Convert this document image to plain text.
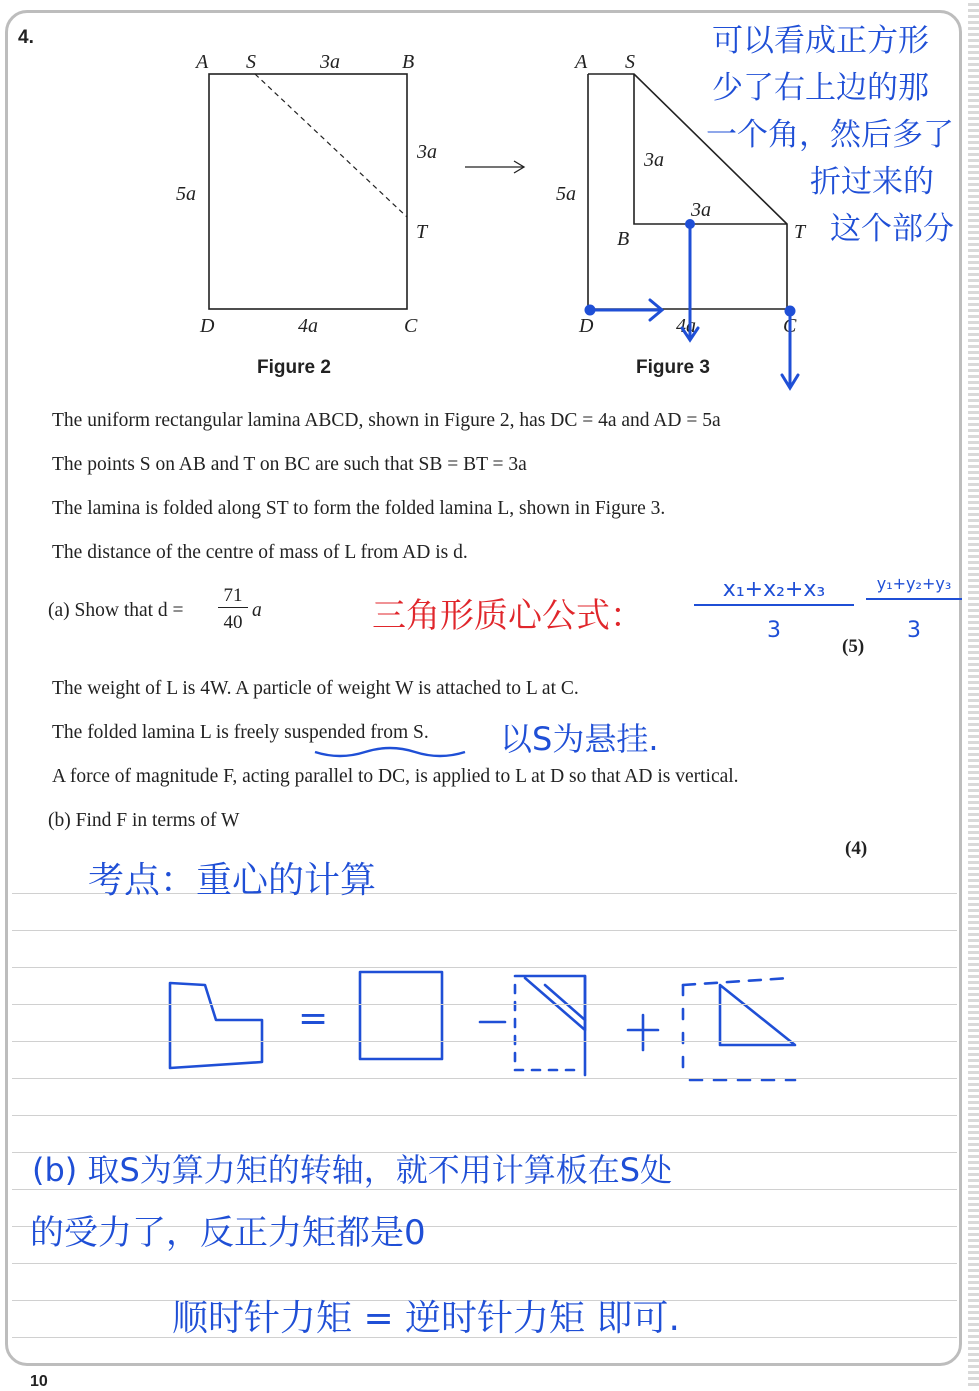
4.
A S	3a	B
3a
T
5a
D	4a	C
A S
3a
3a
B	T
5a
D	4a	C
Figure 2	Figure 3
The uniform rectangular lamina ABCD, shown in Figure 2, has DC = 4a and AD = 5a
The points S on AB and T on BC are such that SB = BT = 3a
The lamina is folded along ST to form the folded lamina L, shown in Figure 3.
The distance of the centre of mass of L from AD is d.
(a) Show that d =
71
40
a
(5)
The weight of L is 4W. A particle of weight W is attached to L at C.
The folded lamina L is freely suspended from S.
A force of magnitude F, acting parallel to DC, is applied to L at D so that AD is vertical.
(b) Find F in terms of W
(4)
可以看成正方形
少了右上边的那
一个角，然后多了
折过来的
这个部分
三角形质心公式：
x₁+x₂+x₃
3
y₁+y₂+y₃
3
以S为悬挂.
考点：重心的计算
=
(b) 取S为算力矩的转轴，就不用计算板在S处
的受力了，反正力矩都是0
顺时针力矩 = 逆时针力矩 即可.
10
